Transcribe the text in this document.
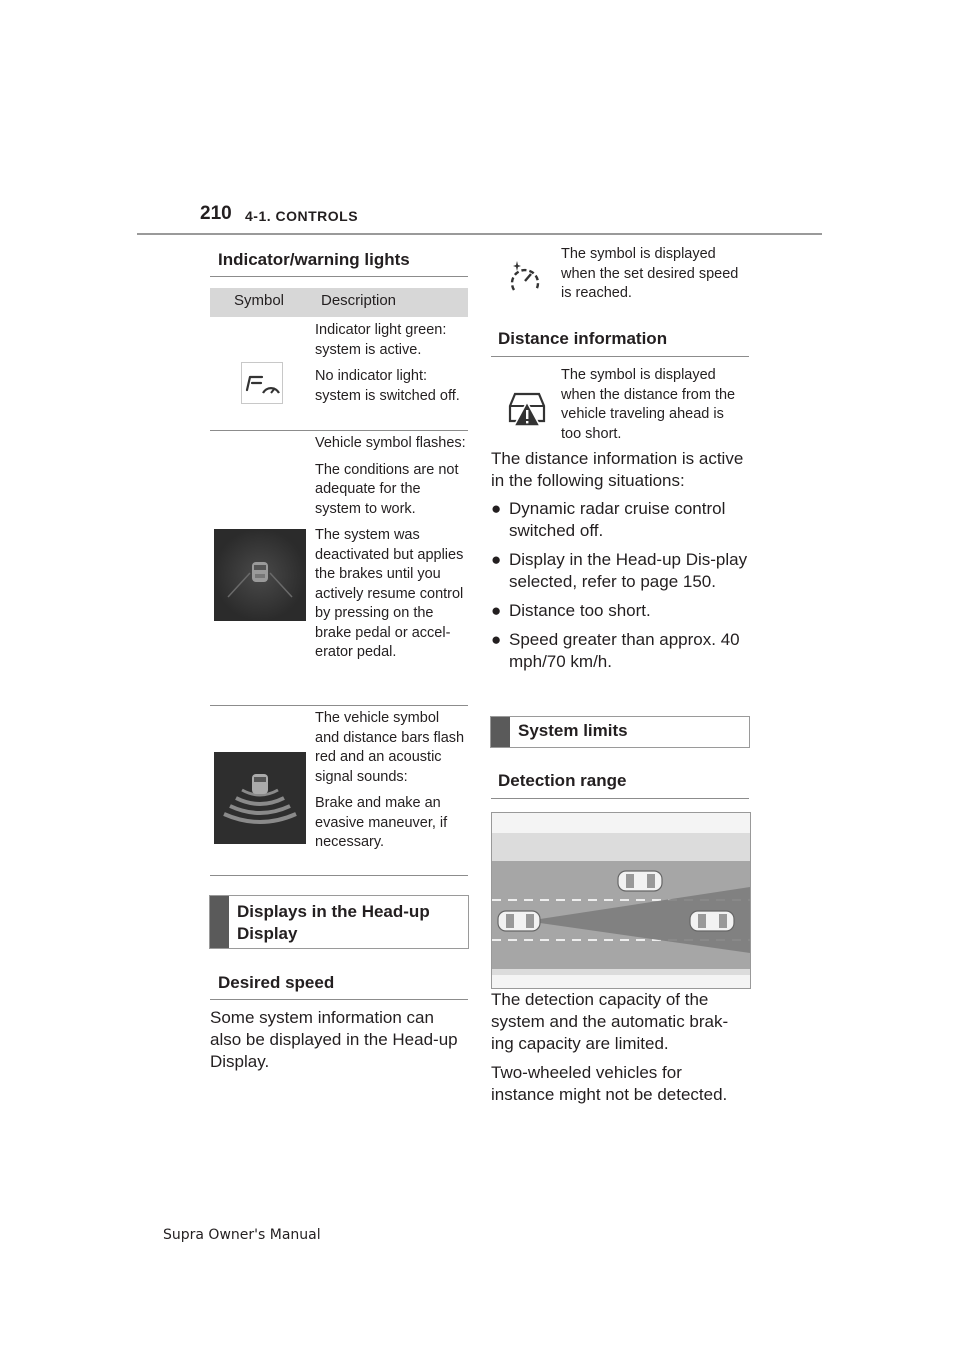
210 4-1. CONTROLS
Indicator/warning lights
Symbol Description

Indicator light green: system is active.

No indicator light: system is switched off.

Vehicle symbol flashes:

The conditions are not adequate for the system to work.

The system was deactivated but applies the brakes until you actively resume control by pressing on the brake pedal or accel-erator pedal.

The vehicle symbol and distance bars flash red and an acoustic signal sounds:

Brake and make an evasive maneuver, if necessary.

Displays in the Head-up Display
Desired speed
Some system information can also be displayed in the Head-up Display.
The symbol is displayed when the set desired speed is reached.
Distance information
The symbol is displayed when the distance from the vehicle traveling ahead is too short.
The distance information is active in the following situations:
● Dynamic radar cruise control switched off.
● Display in the Head-up Dis-play selected, refer to page 150.
● Distance too short.
● Speed greater than approx. 40 mph/70 km/h.
System limits
Detection range

The detection capacity of the system and the automatic brak-ing capacity are limited.

Two-wheeled vehicles for instance might not be detected.

Supra Owner's Manual
